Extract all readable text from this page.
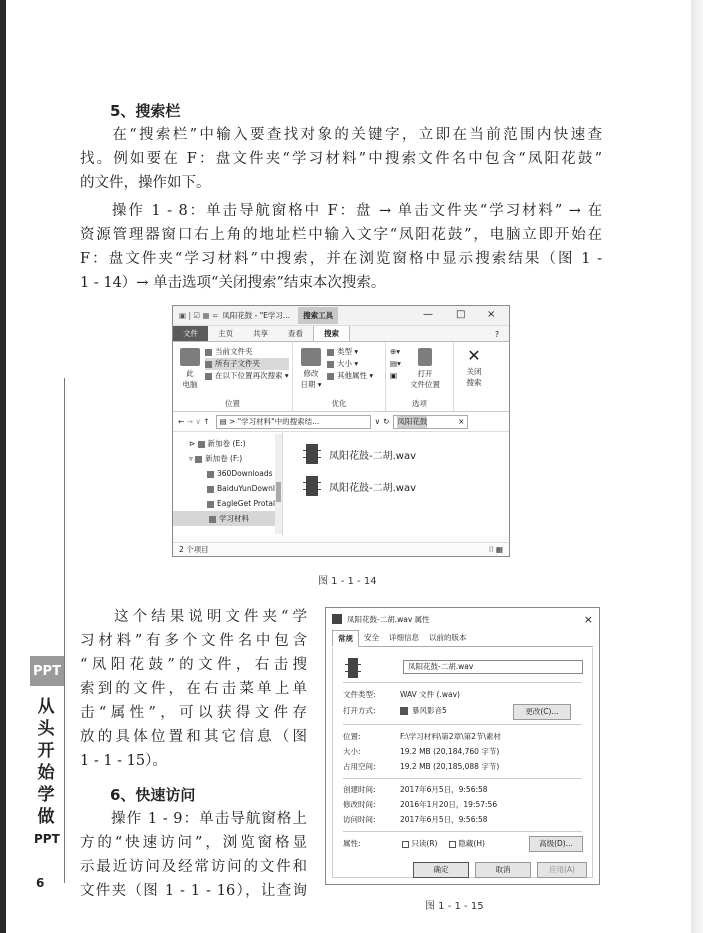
PPT
从
头
开
始
学
做
PPT
6
5、搜索栏
在“搜索栏”中输入要查找对象的关键字，立即在当前范围内快速查
找。例如要在 F：盘文件夹“学习材料”中搜索文件名中包含“凤阳花鼓”
的文件，操作如下。
操作 1 - 8：单击导航窗格中 F：盘 → 单击文件夹“学习材料” → 在
资源管理器窗口右上角的地址栏中输入文字“凤阳花鼓”，电脑立即开始在
F：盘文件夹“学习材料”中搜索，并在浏览窗格中显示搜索结果（图 1 -
1 - 14）→ 单击选项“关闭搜索”结束本次搜索。
▣ | ☑ ▦ = 凤阳花鼓 - "E学习...	搜索工具	— □ ×
文件	主页	共享	查看	搜索	?
此
电脑
当前文件夹
所有子文件夹
在以下位置再次搜索 ▾
位置
修改
日期 ▾
类型 ▾
大小 ▾
其他属性 ▾
优化
⊕▾
▤▾
▣	打开
文件位置
选项
✕
关闭
搜索
←
→
∨
↑	▤ > "学习材料"中的搜索结...	∨ ↻ 凤阳花鼓	×
⊳ 新加卷 (E:)
▿ 新加卷 (F:)
360Downloads
BaiduYunDownl
EagleGet Protal
学习材料
凤阳花鼓-二胡.wav
凤阳花鼓-二胡.wav
2 个项目	⁝⁝ ▦
图 1 - 1 - 14
这个结果说明文件夹“学
习材料”有多个文件名中包含
“凤阳花鼓”的文件，右击搜
索到的文件，在右击菜单上单
击“属性”，可以获得文件存
放的具体位置和其它信息（图
1 - 1 - 15）。
6、快速访问
操作 1 - 9：单击导航窗格上
方的“快速访问”，浏览窗格显
示最近访问及经常访问的文件和
文件夹（图 1 - 1 - 16），让查询
凤阳花鼓-二胡.wav 属性	×
常规	安全	详细信息	以前的版本
凤阳花鼓-二胡.wav
文件类型:	WAV 文件 (.wav)
打开方式:	暴风影音5	更改(C)...
位置:	F:\学习材料\第2章\第2节\素材
大小:	19.2 MB (20,184,760 字节)
占用空间:	19.2 MB (20,185,088 字节)
创建时间:	2017年6月5日，9:56:58
修改时间:	2016年1月20日，19:57:56
访问时间:	2017年6月5日，9:56:58
属性:	只读(R)	隐藏(H)	高级(D)...
确定	取消	应用(A)
图 1 - 1 - 15
